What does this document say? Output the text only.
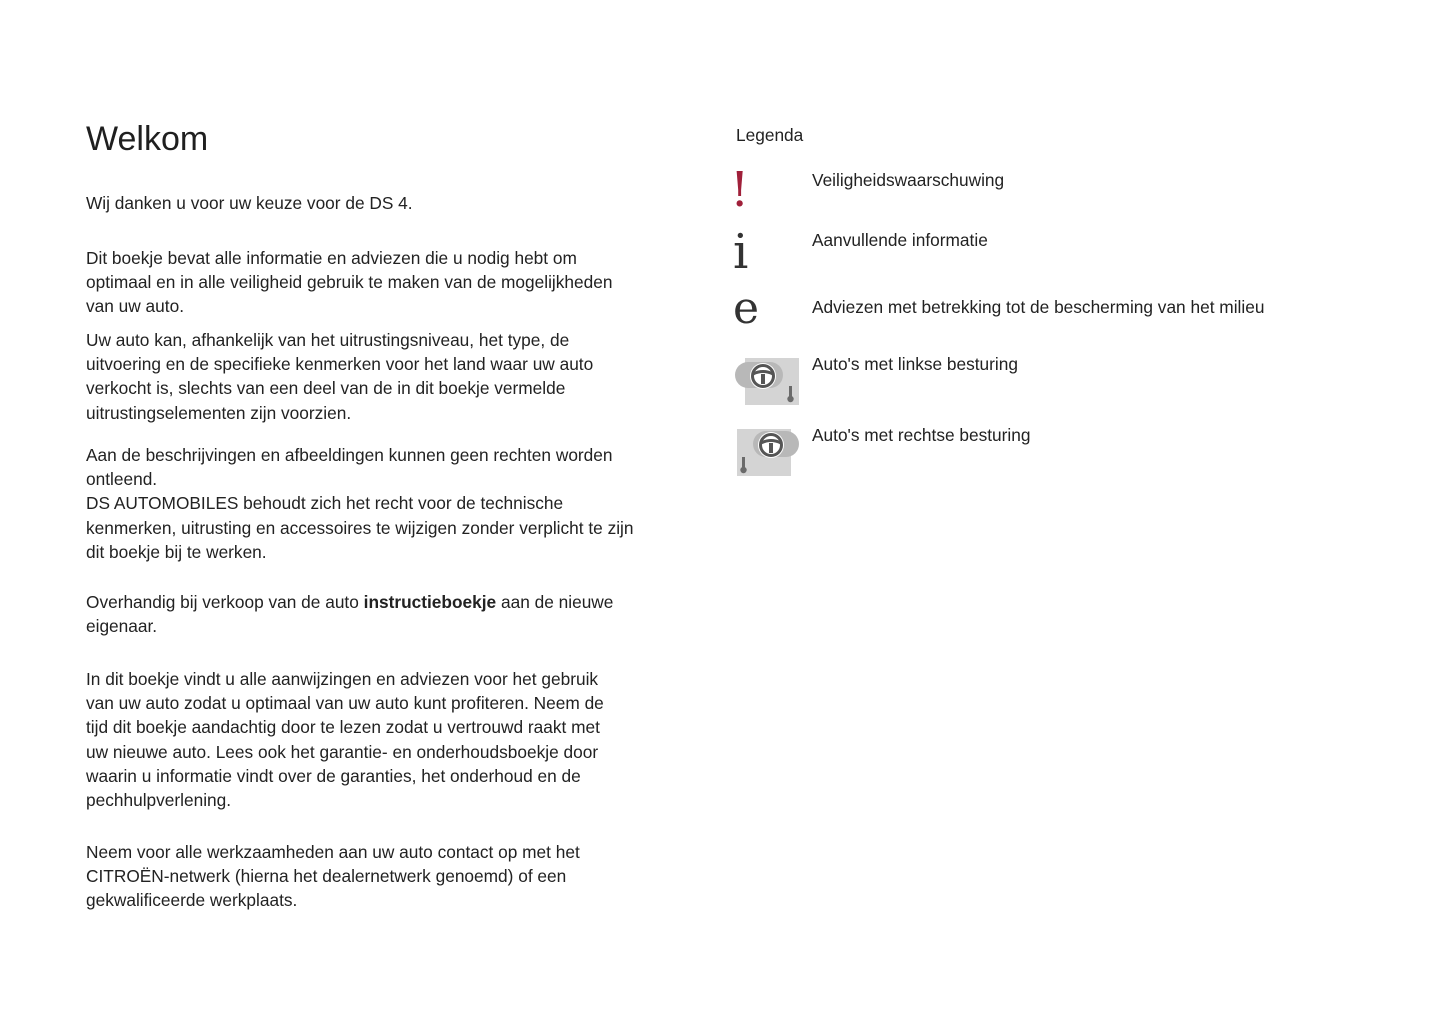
Welkom

Wij danken u voor uw keuze voor de DS 4.

Dit boekje bevat alle informatie en adviezen die u nodig hebt om
optimaal en in alle veiligheid gebruik te maken van de mogelijkheden
van uw auto.

Uw auto kan, afhankelijk van het uitrustingsniveau, het type, de
uitvoering en de specifieke kenmerken voor het land waar uw auto
verkocht is, slechts van een deel van de in dit boekje vermelde
uitrustingselementen zijn voorzien.

Aan de beschrijvingen en afbeeldingen kunnen geen rechten worden
ontleend.
DS AUTOMOBILES behoudt zich het recht voor de technische
kenmerken, uitrusting en accessoires te wijzigen zonder verplicht te zijn
dit boekje bij te werken.

Overhandig bij verkoop van de auto instructieboekje aan de nieuwe
eigenaar.

In dit boekje vindt u alle aanwijzingen en adviezen voor het gebruik
van uw auto zodat u optimaal van uw auto kunt profiteren. Neem de
tijd dit boekje aandachtig door te lezen zodat u vertrouwd raakt met
uw nieuwe auto. Lees ook het garantie- en onderhoudsboekje door
waarin u informatie vindt over de garanties, het onderhoud en de
pechhulpverlening.

Neem voor alle werkzaamheden aan uw auto contact op met het
CITROËN-netwerk (hierna het dealernetwerk genoemd) of een
gekwalificeerde werkplaats.

Legenda

!	Veiligheidswaarschuwing

i	Aanvullende informatie

e	Adviezen met betrekking tot de bescherming van het milieu

Auto's met linkse besturing

Auto's met rechtse besturing
